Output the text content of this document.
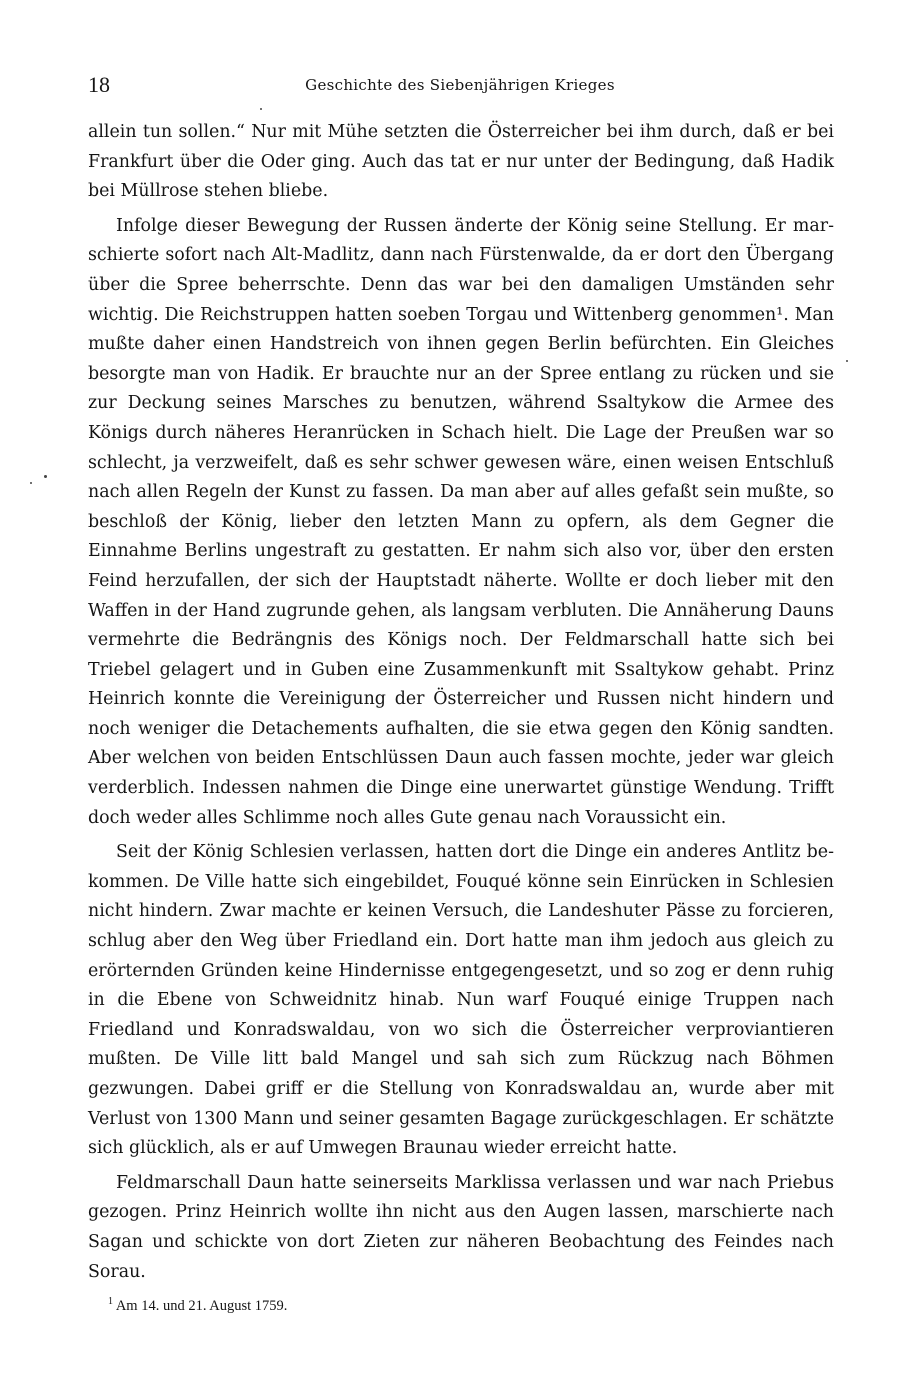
18	Geschichte des Siebenjährigen Krieges

allein tun sollen.“ Nur mit Mühe setzten die Österreicher bei ihm durch, daß er bei Frankfurt über die Oder ging. Auch das tat er nur unter der Bedingung, daß Hadik bei Müllrose stehen bliebe.

Infolge dieser Bewegung der Russen änderte der König seine Stellung. Er marschierte sofort nach Alt-Madlitz, dann nach Fürstenwalde, da er dort den Übergang über die Spree beherrschte. Denn das war bei den damaligen Umständen sehr wichtig. Die Reichstruppen hatten soeben Torgau und Wittenberg genommen¹. Man mußte daher einen Handstreich von ihnen gegen Berlin befürchten. Ein Gleiches besorgte man von Hadik. Er brauchte nur an der Spree entlang zu rücken und sie zur Deckung seines Marsches zu benutzen, während Ssaltykow die Armee des Königs durch näheres Heranrücken in Schach hielt. Die Lage der Preußen war so schlecht, ja verzweifelt, daß es sehr schwer gewesen wäre, einen weisen Entschluß nach allen Regeln der Kunst zu fassen. Da man aber auf alles gefaßt sein mußte, so beschloß der König, lieber den letzten Mann zu opfern, als dem Gegner die Einnahme Berlins ungestraft zu gestatten. Er nahm sich also vor, über den ersten Feind herzufallen, der sich der Hauptstadt näherte. Wollte er doch lieber mit den Waffen in der Hand zugrunde gehen, als langsam verbluten. Die Annäherung Dauns vermehrte die Bedrängnis des Königs noch. Der Feldmarschall hatte sich bei Triebel gelagert und in Guben eine Zusammenkunft mit Ssaltykow gehabt. Prinz Heinrich konnte die Vereinigung der Österreicher und Russen nicht hindern und noch weniger die Detachements aufhalten, die sie etwa gegen den König sandten. Aber welchen von beiden Entschlüssen Daun auch fassen mochte, jeder war gleich verderblich. Indessen nahmen die Dinge eine unerwartet günstige Wendung. Trifft doch weder alles Schlimme noch alles Gute genau nach Voraussicht ein.

Seit der König Schlesien verlassen, hatten dort die Dinge ein anderes Antlitz bekommen. De Ville hatte sich eingebildet, Fouqué könne sein Einrücken in Schlesien nicht hindern. Zwar machte er keinen Versuch, die Landeshuter Pässe zu forcieren, schlug aber den Weg über Friedland ein. Dort hatte man ihm jedoch aus gleich zu erörternden Gründen keine Hindernisse entgegengesetzt, und so zog er denn ruhig in die Ebene von Schweidnitz hinab. Nun warf Fouqué einige Truppen nach Friedland und Konradswaldau, von wo sich die Österreicher verproviantieren mußten. De Ville litt bald Mangel und sah sich zum Rückzug nach Böhmen gezwungen. Dabei griff er die Stellung von Konradswaldau an, wurde aber mit Verlust von 1300 Mann und seiner gesamten Bagage zurückgeschlagen. Er schätzte sich glücklich, als er auf Umwegen Braunau wieder erreicht hatte.

Feldmarschall Daun hatte seinerseits Marklissa verlassen und war nach Priebus gezogen. Prinz Heinrich wollte ihn nicht aus den Augen lassen, marschierte nach Sagan und schickte von dort Zieten zur näheren Beobachtung des Feindes nach Sorau.

$^1$ Am 14. und 21. August 1759.
